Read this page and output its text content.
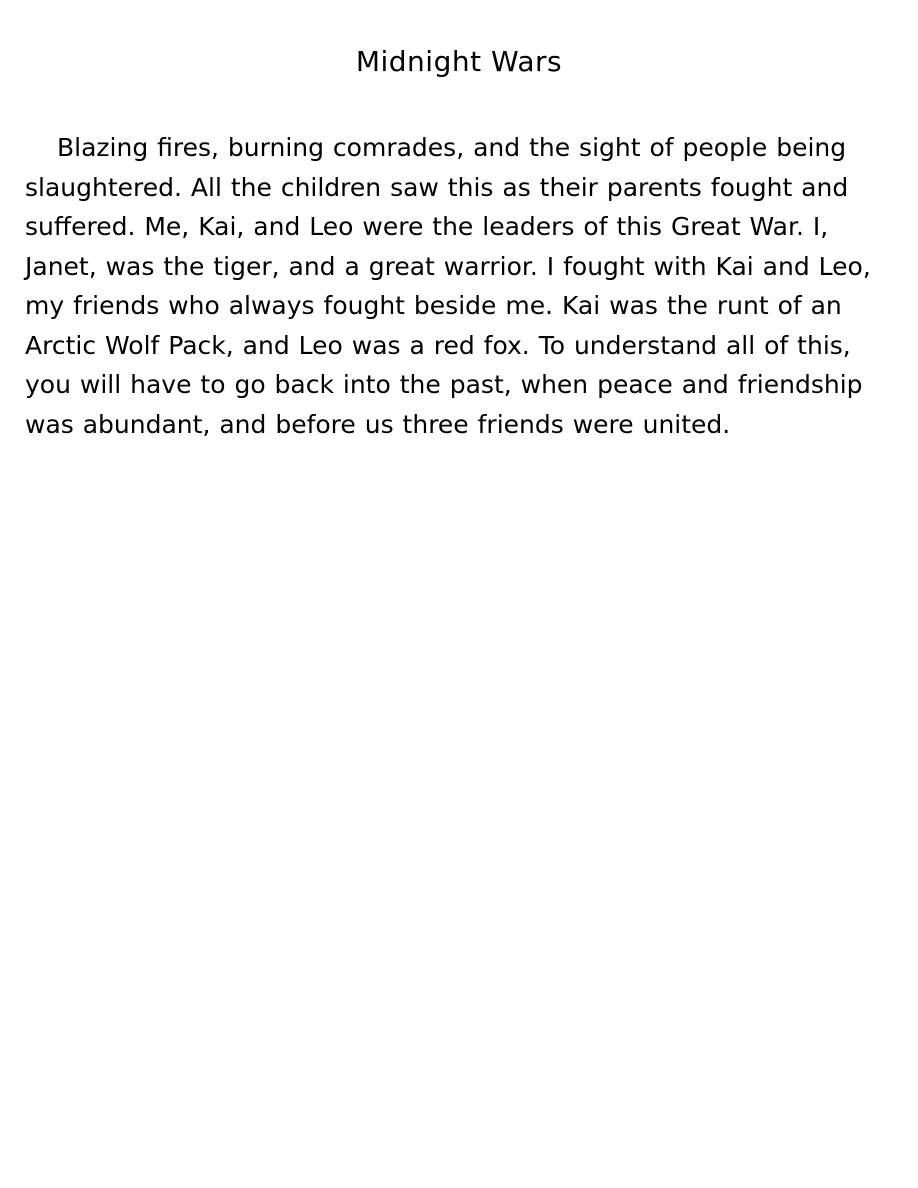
Midnight Wars

Blazing fires, burning comrades, and the sight of people being slaughtered. All the children saw this as their parents fought and suffered. Me, Kai, and Leo were the leaders of this Great War. I, Janet, was the tiger, and a great warrior. I fought with Kai and Leo, my friends who always fought beside me. Kai was the runt of an Arctic Wolf Pack, and Leo was a red fox. To understand all of this, you will have to go back into the past, when peace and friendship was abundant, and before us three friends were united.
